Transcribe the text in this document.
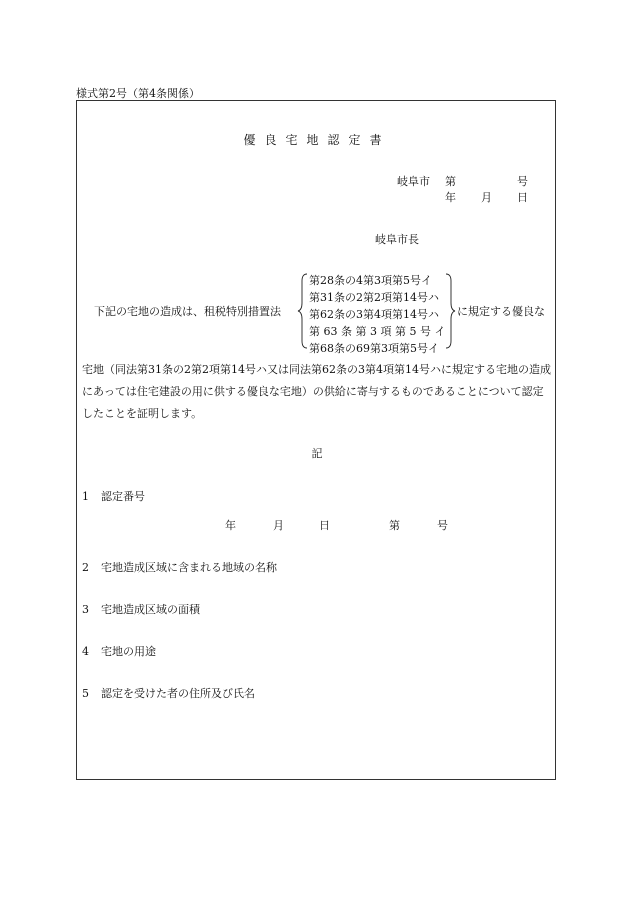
様式第2号（第4条関係）
優良宅地認定書
岐阜市 第	号
年 月 日
岐阜市長
下記の宅地の造成は、租税特別措置法
第28条の4第3項第5号イ
第31条の2第2項第14号ハ
第62条の3第4項第14号ハ
第 63 条 第 3 項 第 5 号 イ
第68条の69第3項第5号イ
に規定する優良な
宅地（同法第31条の2第2項第14号ハ又は同法第62条の3第4項第14号ハに規定する宅地の造成にあっては住宅建設の用に供する優良な宅地）の供給に寄与するものであることについて認定したことを証明します。
記
1 認定番号
年	月	日	第	号
2 宅地造成区域に含まれる地域の名称
3 宅地造成区域の面積
4 宅地の用途
5 認定を受けた者の住所及び氏名
